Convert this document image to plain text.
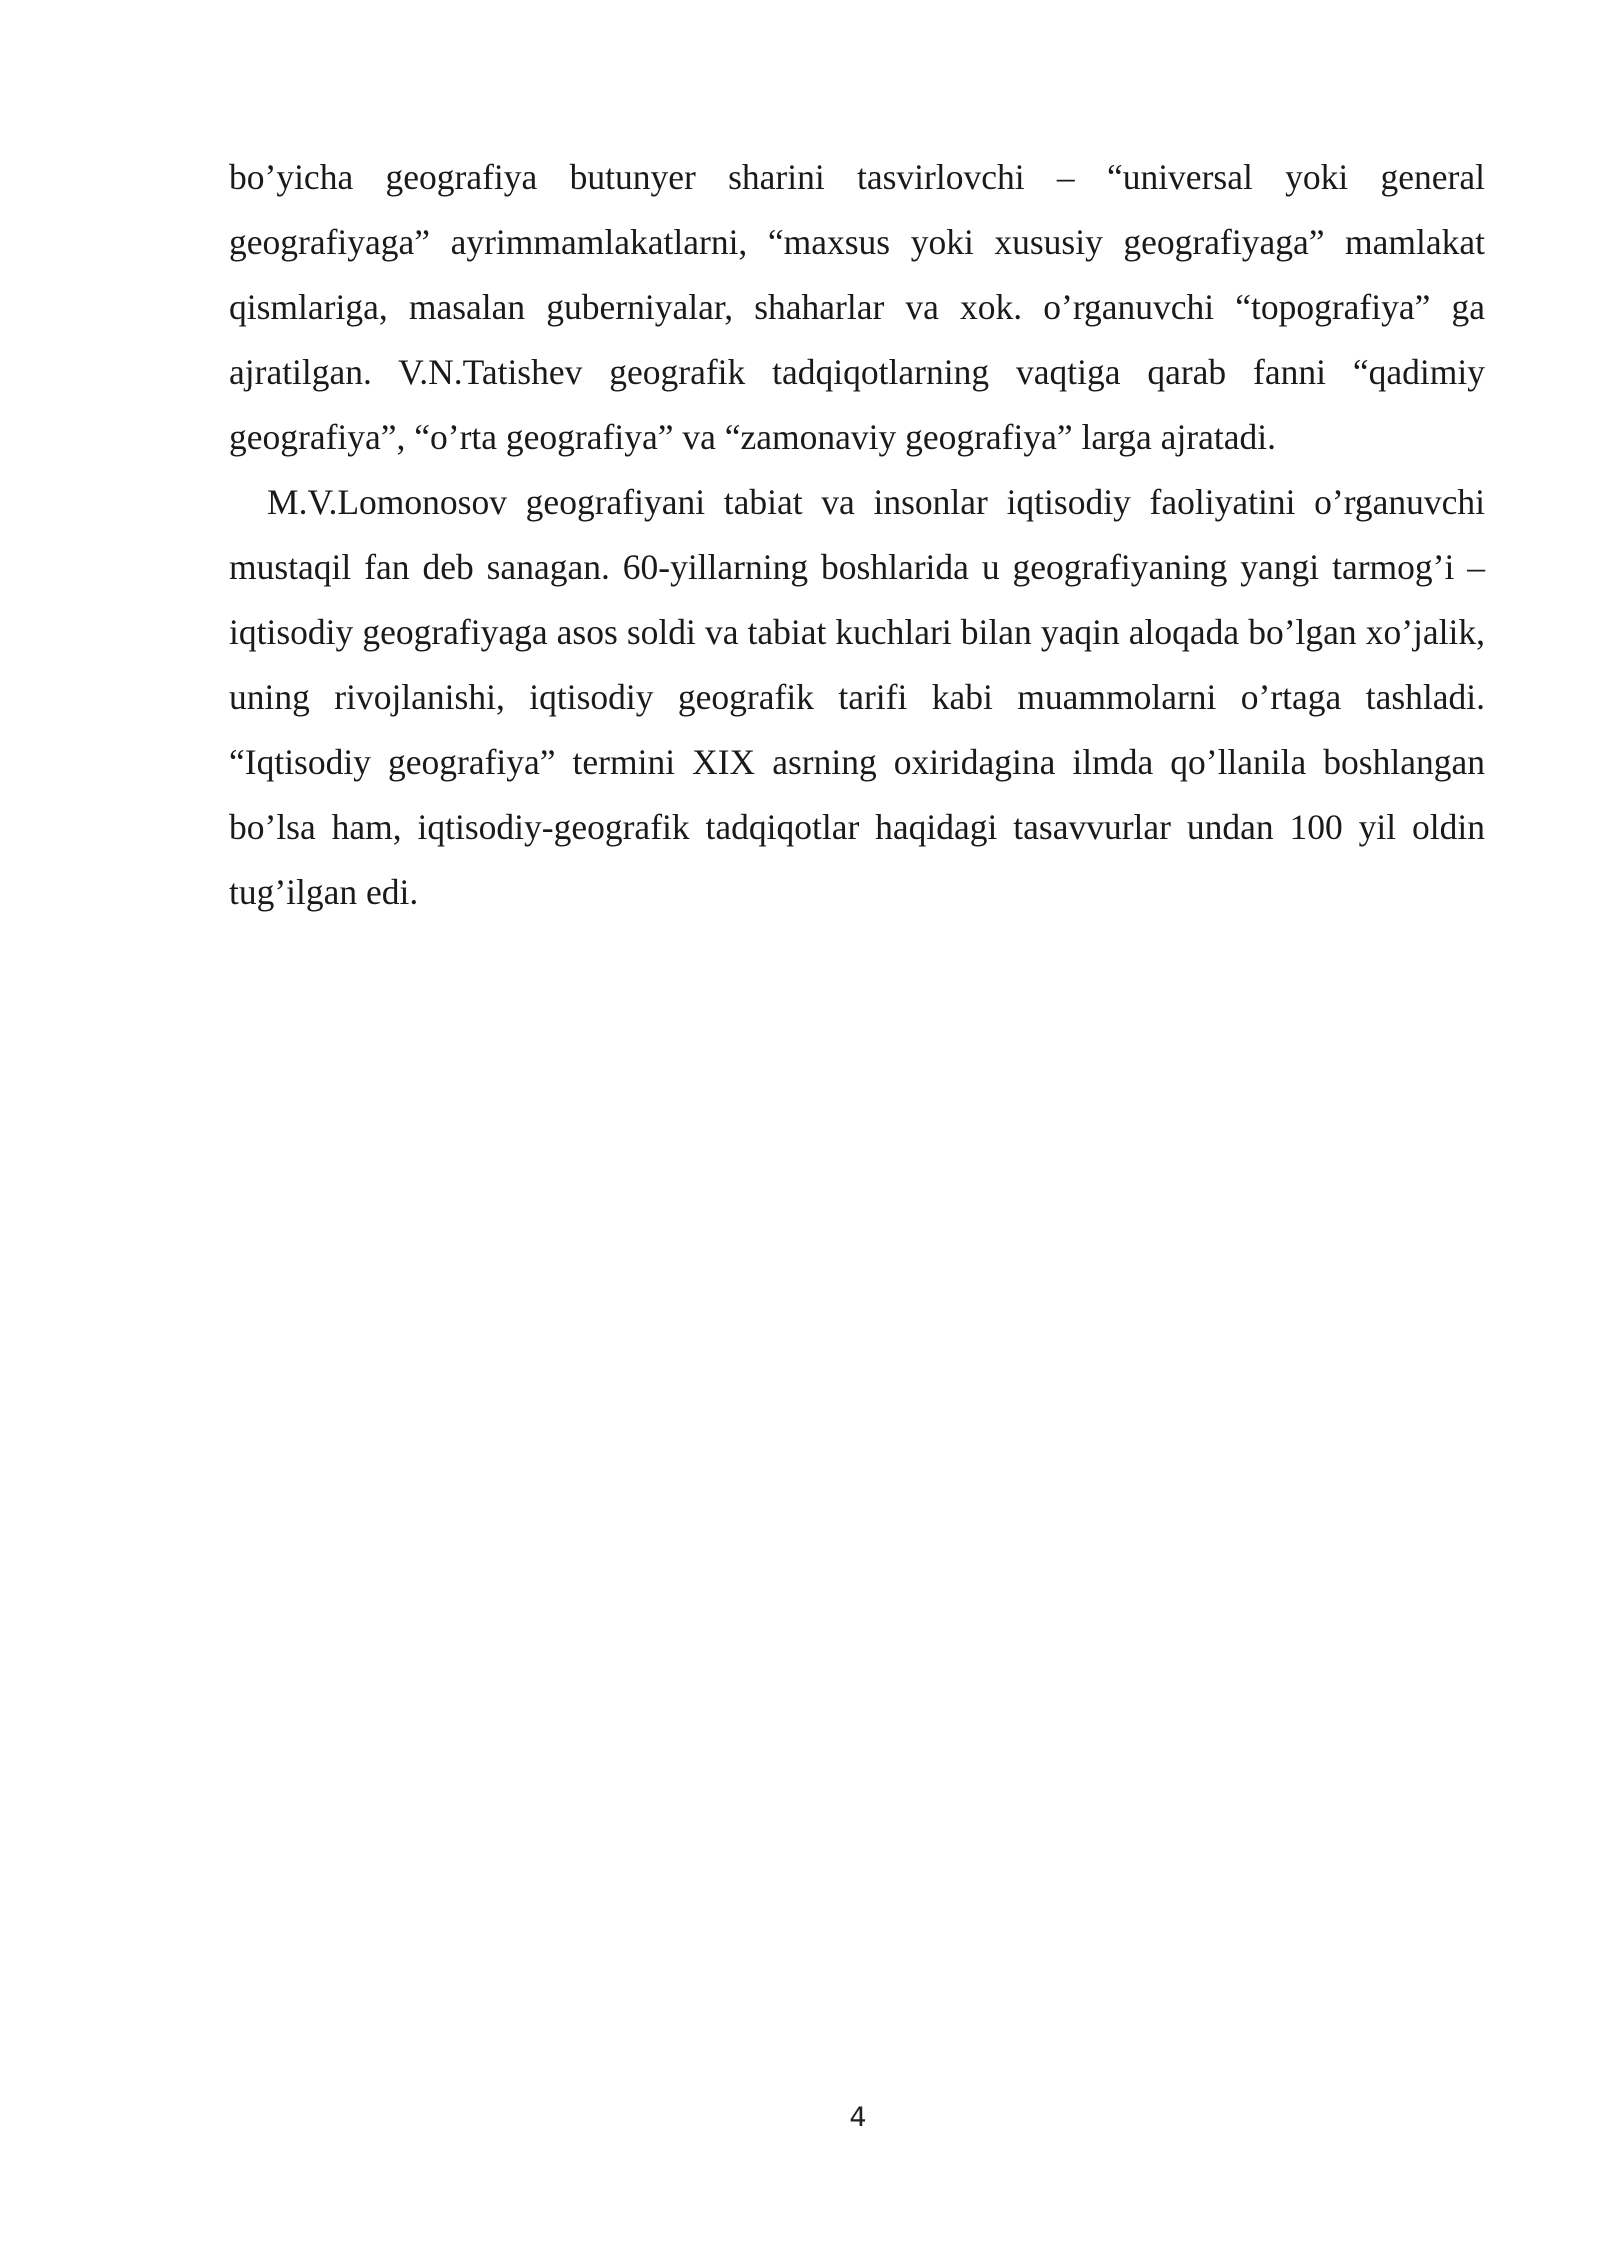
bo’yicha geografiya butunyer sharini tasvirlovchi – “universal yoki general geografiyaga” ayrimmamlakatlarni, “maxsus yoki xususiy geografiyaga” mamlakat qismlariga, masalan guberniyalar, shaharlar va xok. o’rganuvchi “topografiya” ga ajratilgan. V.N.Tatishev geografik tadqiqotlarning vaqtiga qarab fanni “qadimiy geografiya”, “o’rta geografiya” va “zamonaviy geografiya” larga ajratadi.

M.V.Lomonosov geografiyani tabiat va insonlar iqtisodiy faoliyatini o’rganuvchi mustaqil fan deb sanagan. 60-yillarning boshlarida u geografiyaning yangi tarmog’i – iqtisodiy geografiyaga asos soldi va tabiat kuchlari bilan yaqin aloqada bo’lgan xo’jalik, uning rivojlanishi, iqtisodiy geografik tarifi kabi muammolarni o’rtaga tashladi. “Iqtisodiy geografiya” termini XIX asrning oxiridagina ilmda qo’llanila boshlangan bo’lsa ham, iqtisodiy-geografik tadqiqotlar haqidagi tasavvurlar undan 100 yil oldin tug’ilgan edi.

4
